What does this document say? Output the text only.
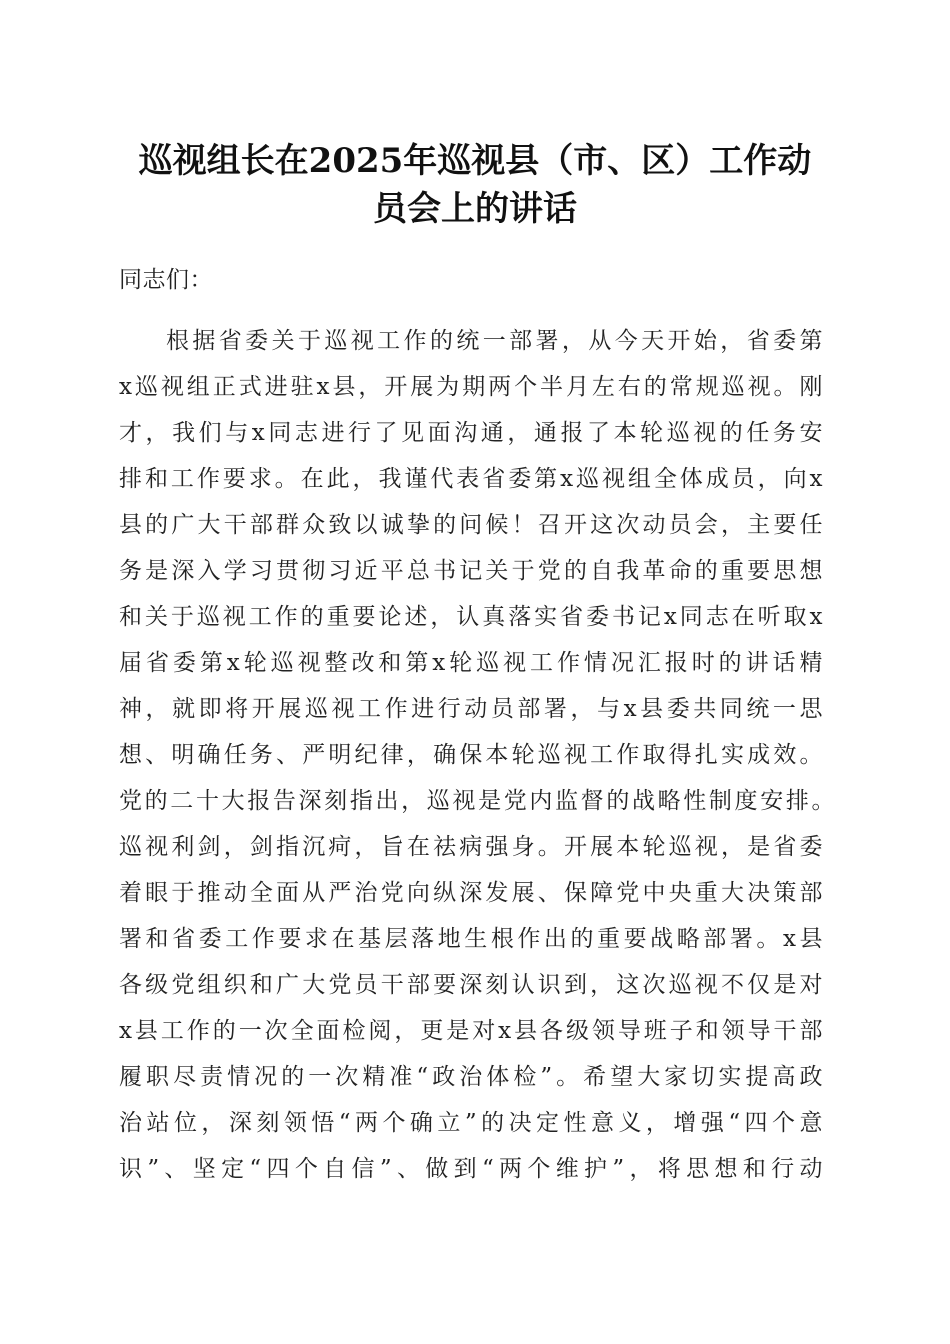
巡视组长在2025年巡视县（市、区）工作动
员会上的讲话
同志们：
根据省委关于巡视工作的统一部署，从今天开始，省委第
x巡视组正式进驻x县，开展为期两个半月左右的常规巡视。刚
才，我们与x同志进行了见面沟通，通报了本轮巡视的任务安
排和工作要求。在此，我谨代表省委第x巡视组全体成员，向x
县的广大干部群众致以诚挚的问候！召开这次动员会，主要任
务是深入学习贯彻习近平总书记关于党的自我革命的重要思想
和关于巡视工作的重要论述，认真落实省委书记x同志在听取x
届省委第x轮巡视整改和第x轮巡视工作情况汇报时的讲话精
神，就即将开展巡视工作进行动员部署，与x县委共同统一思
想、明确任务、严明纪律，确保本轮巡视工作取得扎实成效。
党的二十大报告深刻指出，巡视是党内监督的战略性制度安排。
巡视利剑，剑指沉疴，旨在祛病强身。开展本轮巡视，是省委
着眼于推动全面从严治党向纵深发展、保障党中央重大决策部
署和省委工作要求在基层落地生根作出的重要战略部署。x县
各级党组织和广大党员干部要深刻认识到，这次巡视不仅是对
x县工作的一次全面检阅，更是对x县各级领导班子和领导干部
履职尽责情况的一次精准“政治体检”。希望大家切实提高政
治站位，深刻领悟“两个确立”的决定性意义，增强“四个意
识”、坚定“四个自信”、做到“两个维护”，将思想和行动
